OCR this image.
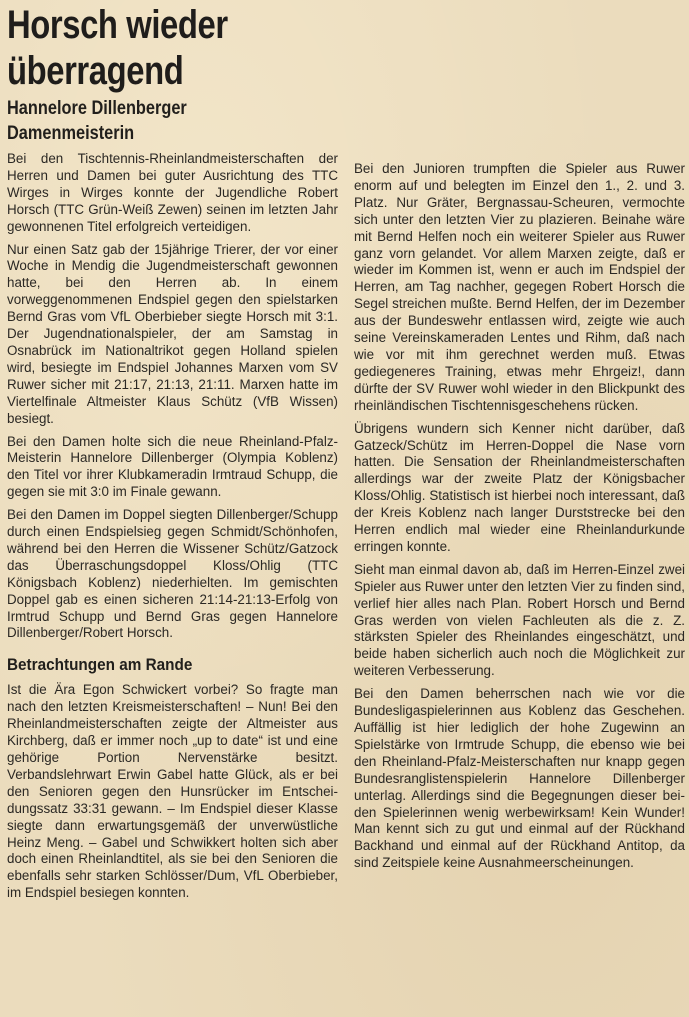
Horsch wieder
überragend
Hannelore Dillenberger
Damenmeisterin

Bei den Tischtennis-Rheinlandmeisterschaften der Herren und Damen bei guter Ausrichtung des TTC Wirges in Wirges konnte der Jugendliche Robert Horsch (TTC Grün-Weiß Zewen) seinen im letzten Jahr gewonnenen Titel erfolgreich verteidigen.

Nur einen Satz gab der 15jährige Trierer, der vor einer Woche in Mendig die Jugendmeisterschaft gewonnen hatte, bei den Herren ab. In einem vorweggenommenen Endspiel gegen den spielstarken Bernd Gras vom VfL Oberbieber siegte Horsch mit 3:1. Der Jugendnationalspieler, der am Samstag in Osnabrück im Nationaltrikot gegen Holland spielen wird, besiegte im Endspiel Johannes Marxen vom SV Ruwer sicher mit 21:17, 21:13, 21:11. Marxen hatte im Viertelfinale Altmeister Klaus Schütz (VfB Wissen) besiegt.

Bei den Damen holte sich die neue Rheinland-Pfalz-Meisterin Hannelore Dillenberger (Olympia Koblenz) den Titel vor ihrer Klubkameradin Irmtraud Schupp, die gegen sie mit 3:0 im Finale gewann.

Bei den Damen im Doppel siegten Dillenberger/Schupp durch einen Endspielsieg gegen Schmidt/Schönhofen, während bei den Herren die Wissener Schütz/Gatzock das Überraschungsdoppel Kloss/Ohlig (TTC Königsbach Koblenz) niederhielten. Im gemischten Doppel gab es einen sicheren 21:14-21:13-Erfolg von Irmtrud Schupp und Bernd Gras gegen Hannelore Dillenberger/Robert Horsch.

Betrachtungen am Rande

Ist die Ära Egon Schwickert vorbei? So fragte man nach den letzten Kreismeisterschaften! – Nun! Bei den Rheinlandmeisterschaften zeigte der Altmeister aus Kirchberg, daß er immer noch „up to date“ ist und eine gehörige Portion Nervenstärke besitzt. Verbandslehrwart Erwin Gabel hatte Glück, als er bei den Senioren gegen den Hunsrücker im Entscheidungssatz 33:31 gewann. – Im Endspiel dieser Klasse siegte dann erwartungsgemäß der unverwüstliche Heinz Meng. – Gabel und Schwikkert holten sich aber doch einen Rheinlandtitel, als sie bei den Senioren die ebenfalls sehr starken Schlösser/Dum, VfL Oberbieber, im Endspiel besiegen konnten.

Bei den Junioren trumpften die Spieler aus Ruwer enorm auf und belegten im Einzel den 1., 2. und 3. Platz. Nur Gräter, Bergnassau-Scheuren, vermochte sich unter den letzten Vier zu plazieren. Beinahe wäre mit Bernd Helfen noch ein weiterer Spieler aus Ruwer ganz vorn gelandet. Vor allem Marxen zeigte, daß er wieder im Kommen ist, wenn er auch im Endspiel der Herren, am Tag nachher, gegegen Robert Horsch die Segel streichen mußte. Bernd Helfen, der im Dezember aus der Bundeswehr entlassen wird, zeigte wie auch seine Vereinskameraden Lentes und Rihm, daß nach wie vor mit ihm gerechnet werden muß. Etwas gediegeneres Training, etwas mehr Ehrgeiz!, dann dürfte der SV Ruwer wohl wieder in den Blickpunkt des rheinländischen Tischtennisgeschehens rücken.

Übrigens wundern sich Kenner nicht darüber, daß Gatzeck/Schütz im Herren-Doppel die Nase vorn hatten. Die Sensation der Rheinlandmeisterschaften allerdings war der zweite Platz der Königsbacher Kloss/Ohlig. Statistisch ist hierbei noch interessant, daß der Kreis Koblenz nach langer Durststrecke bei den Herren endlich mal wieder eine Rheinlandurkunde erringen konnte.

Sieht man einmal davon ab, daß im Herren-Einzel zwei Spieler aus Ruwer unter den letzten Vier zu finden sind, verlief hier alles nach Plan. Robert Horsch und Bernd Gras werden von vielen Fachleuten als die z. Z. stärksten Spieler des Rheinlandes eingeschätzt, und beide haben sicherlich auch noch die Möglichkeit zur weiteren Verbesserung.

Bei den Damen beherrschen nach wie vor die Bundesligaspielerinnen aus Koblenz das Geschehen. Auffällig ist hier lediglich der hohe Zugewinn an Spielstärke von Irmtrude Schupp, die ebenso wie bei den Rheinland-Pfalz-Meisterschaften nur knapp gegen Bundesranglistenspielerin Hannelore Dillenberger unterlag. Allerdings sind die Begegnungen dieser beiden Spielerinnen wenig werbewirksam! Kein Wunder! Man kennt sich zu gut und einmal auf der Rückhand Backhand und einmal auf der Rückhand Antitop, da sind Zeitspiele keine Ausnahmeerscheinungen.
